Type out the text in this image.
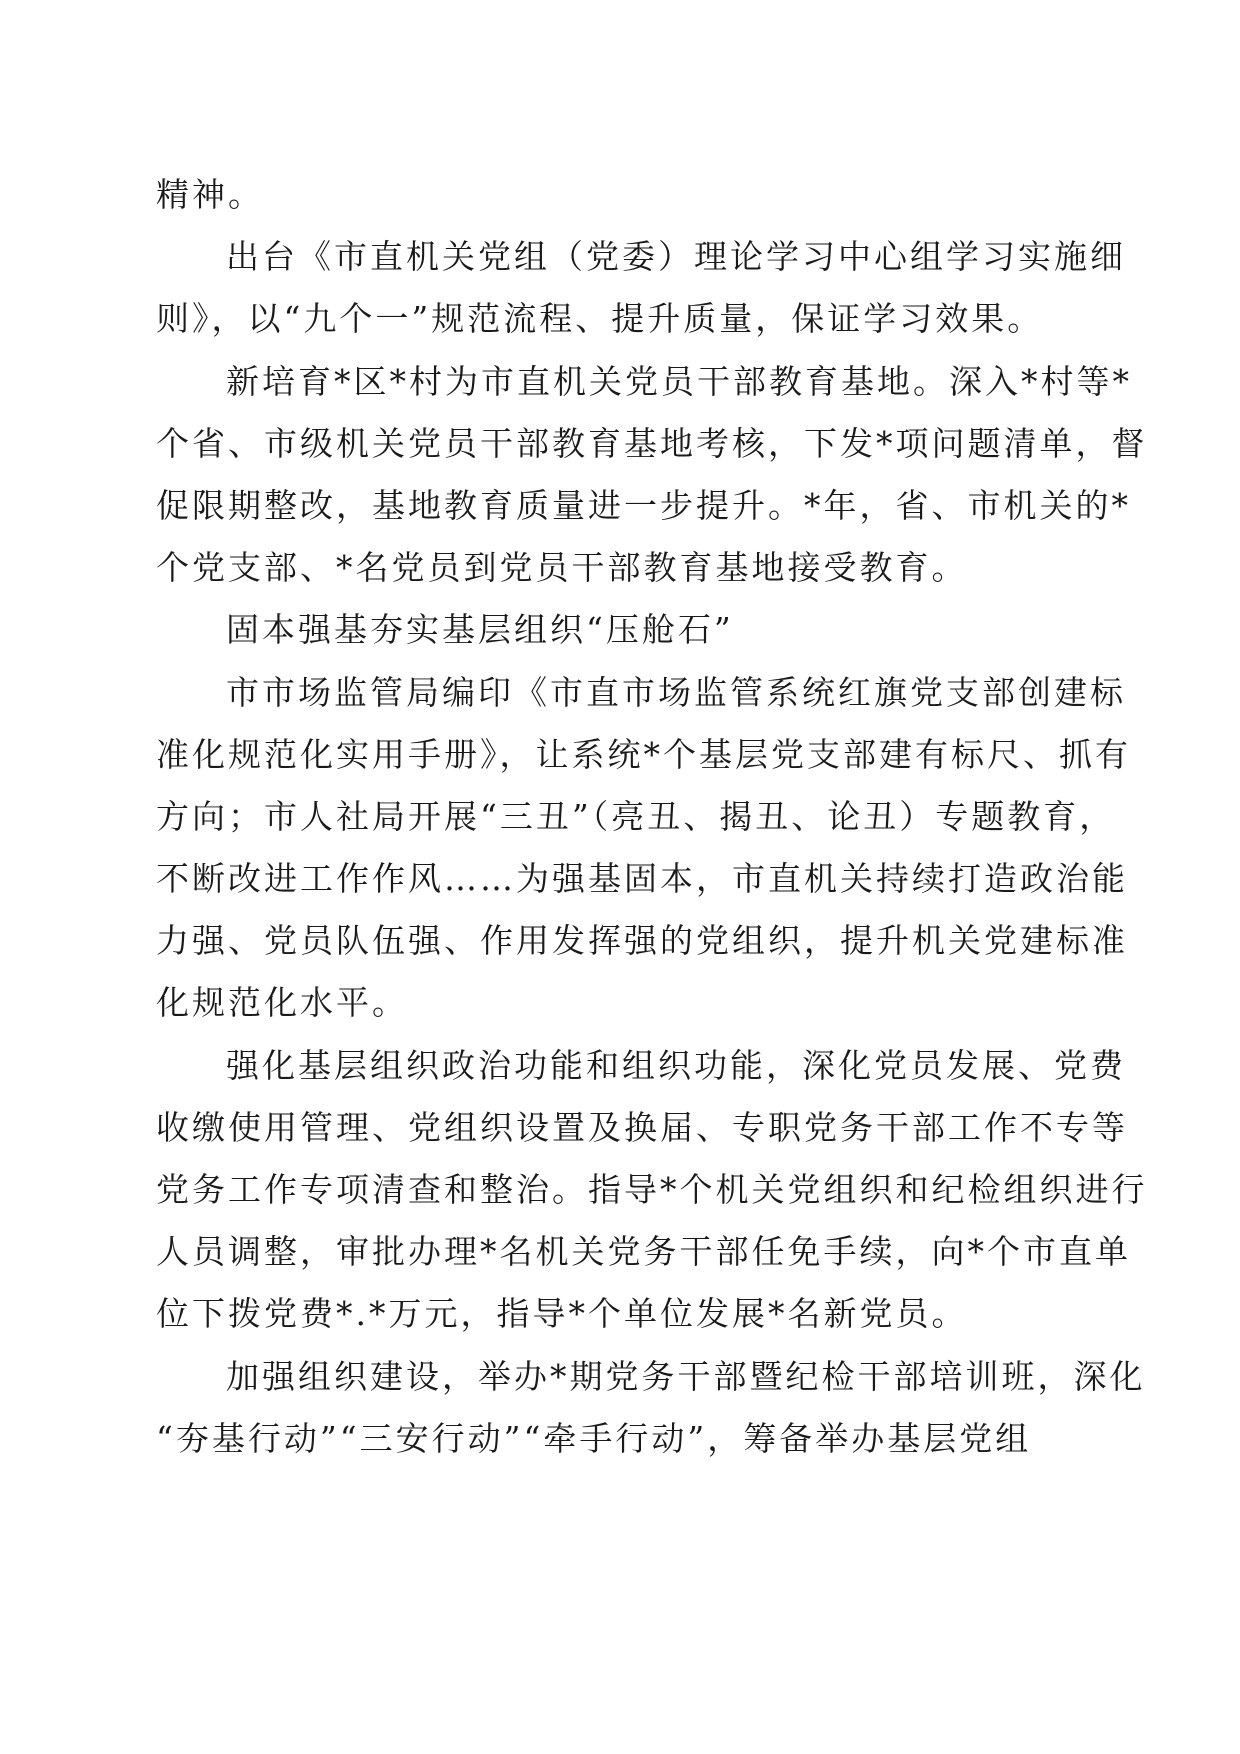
精神。
出台《市直机关党组（党委）理论学习中心组学习实施细
则》，以“九个一”规范流程、提升质量，保证学习效果。
新培育*区*村为市直机关党员干部教育基地。深入*村等*
个省、市级机关党员干部教育基地考核，下发*项问题清单，督
促限期整改，基地教育质量进一步提升。*年，省、市机关的*
个党支部、*名党员到党员干部教育基地接受教育。
固本强基夯实基层组织“压舱石”
市市场监管局编印《市直市场监管系统红旗党支部创建标
准化规范化实用手册》，让系统*个基层党支部建有标尺、抓有
方向；市人社局开展“三丑”（亮丑、揭丑、论丑）专题教育，
不断改进工作作风……为强基固本，市直机关持续打造政治能
力强、党员队伍强、作用发挥强的党组织，提升机关党建标准
化规范化水平。
强化基层组织政治功能和组织功能，深化党员发展、党费
收缴使用管理、党组织设置及换届、专职党务干部工作不专等
党务工作专项清查和整治。指导*个机关党组织和纪检组织进行
人员调整，审批办理*名机关党务干部任免手续，向*个市直单
位下拨党费*.*万元，指导*个单位发展*名新党员。
加强组织建设，举办*期党务干部暨纪检干部培训班，深化
“夯基行动”“三安行动”“牵手行动”，筹备举办基层党组
